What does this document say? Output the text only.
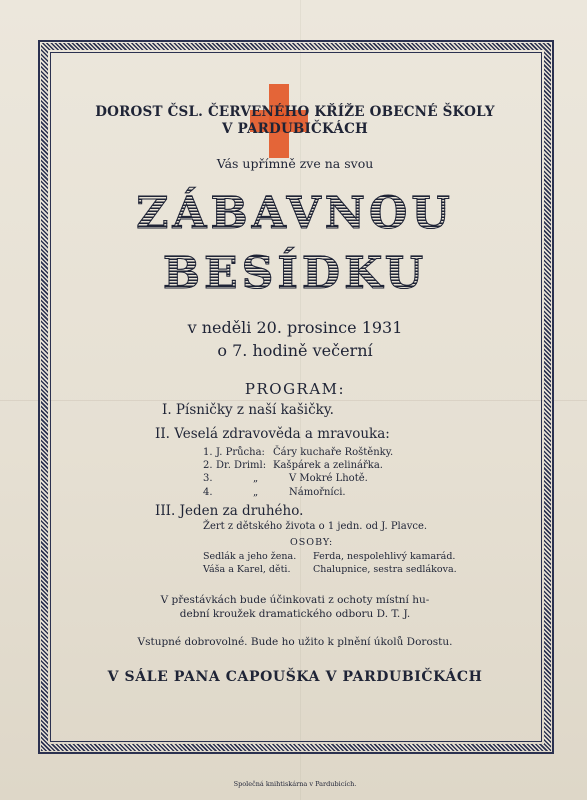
DOROST ČSL. ČERVENÉHO KŘÍŽE OBECNÉ ŠKOLY
V PARDUBIČKÁCH
Vás upřímně zve na svou
ZÁBAVNOU
BESÍDKU
v neděli 20. prosince 1931
o 7. hodině večerní
PROGRAM:
I. Písničky z naší kašičky.
II. Veselá zdravověda a mravouka:
1. J. Průcha: Čáry kuchaře Roštěnky.
2. Dr. Driml: Kašpárek a zelinářka.
3.	„	V Mokré Lhotě.
4.	„	Námořníci.
III. Jeden za druhého.
Žert z dětského života o 1 jedn. od J. Plavce.
OSOBY:
Sedlák a jeho žena. Ferda, nespolehlivý kamarád.
Váša a Karel, děti. Chalupnice, sestra sedlákova.
V přestávkách bude účinkovati z ochoty místní hu-
dební kroužek dramatického odboru D. T. J.
Vstupné dobrovolné. Bude ho užito k plnění úkolů Dorostu.
V SÁLE PANA CAPOUŠKA V PARDUBIČKÁCH
Společná knihtiskárna v Pardubicích.
